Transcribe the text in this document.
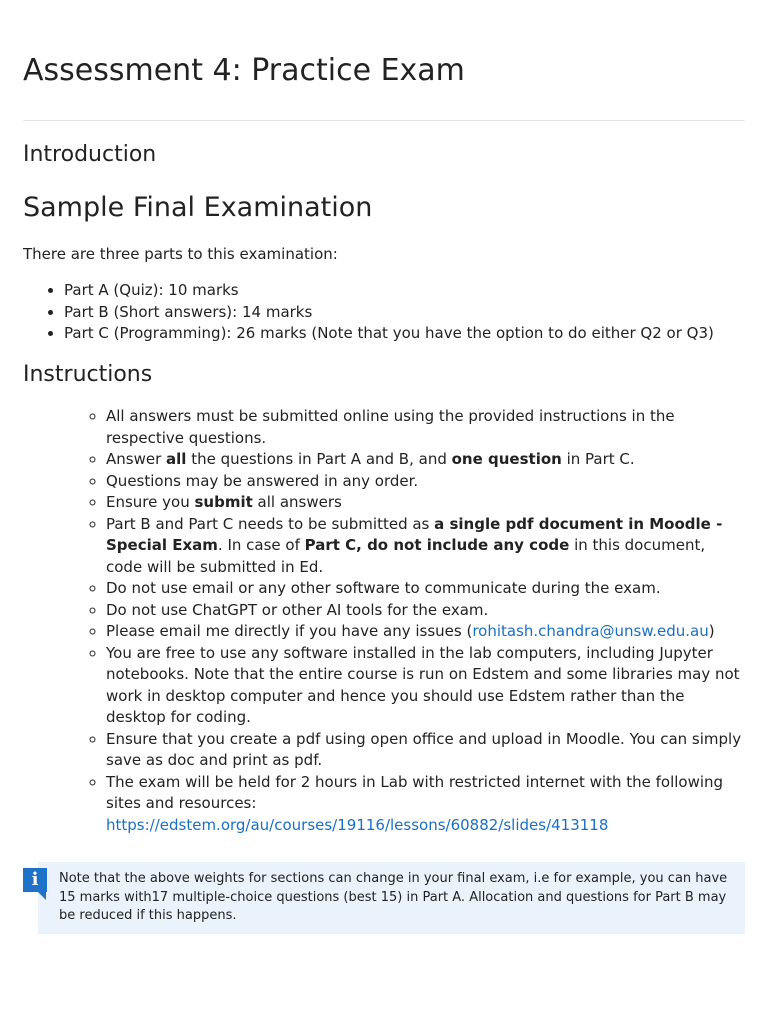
Assessment 4: Practice Exam
Introduction
Sample Final Examination

There are three parts to this examination:

• Part A (Quiz): 10 marks
• Part B (Short answers): 14 marks
• Part C (Programming): 26 marks (Note that you have the option to do either Q2 or Q3)
Instructions
◦ All answers must be submitted online using the provided instructions in the respective questions.
◦ Answer all the questions in Part A and B, and one question in Part C.
◦ Questions may be answered in any order.
◦ Ensure you submit all answers
◦ Part B and Part C needs to be submitted as a single pdf document in Moodle - Special Exam. In case of Part C, do not include any code in this document, code will be submitted in Ed.
◦ Do not use email or any other software to communicate during the exam.
◦ Do not use ChatGPT or other AI tools for the exam.
◦ Please email me directly if you have any issues (rohitash.chandra@unsw.edu.au)
◦ You are free to use any software installed in the lab computers, including Jupyter notebooks. Note that the entire course is run on Edstem and some libraries may not work in desktop computer and hence you should use Edstem rather than the desktop for coding.
◦ Ensure that you create a pdf using open office and upload in Moodle. You can simply save as doc and print as pdf.
◦ The exam will be held for 2 hours in Lab with restricted internet with the following sites and resources: https://edstem.org/au/courses/19116/lessons/60882/slides/413118
Note that the above weights for sections can change in your final exam, i.e for example, you can have 15 marks with17 multiple-choice questions (best 15) in Part A. Allocation and questions for Part B may be reduced if this happens.
i
